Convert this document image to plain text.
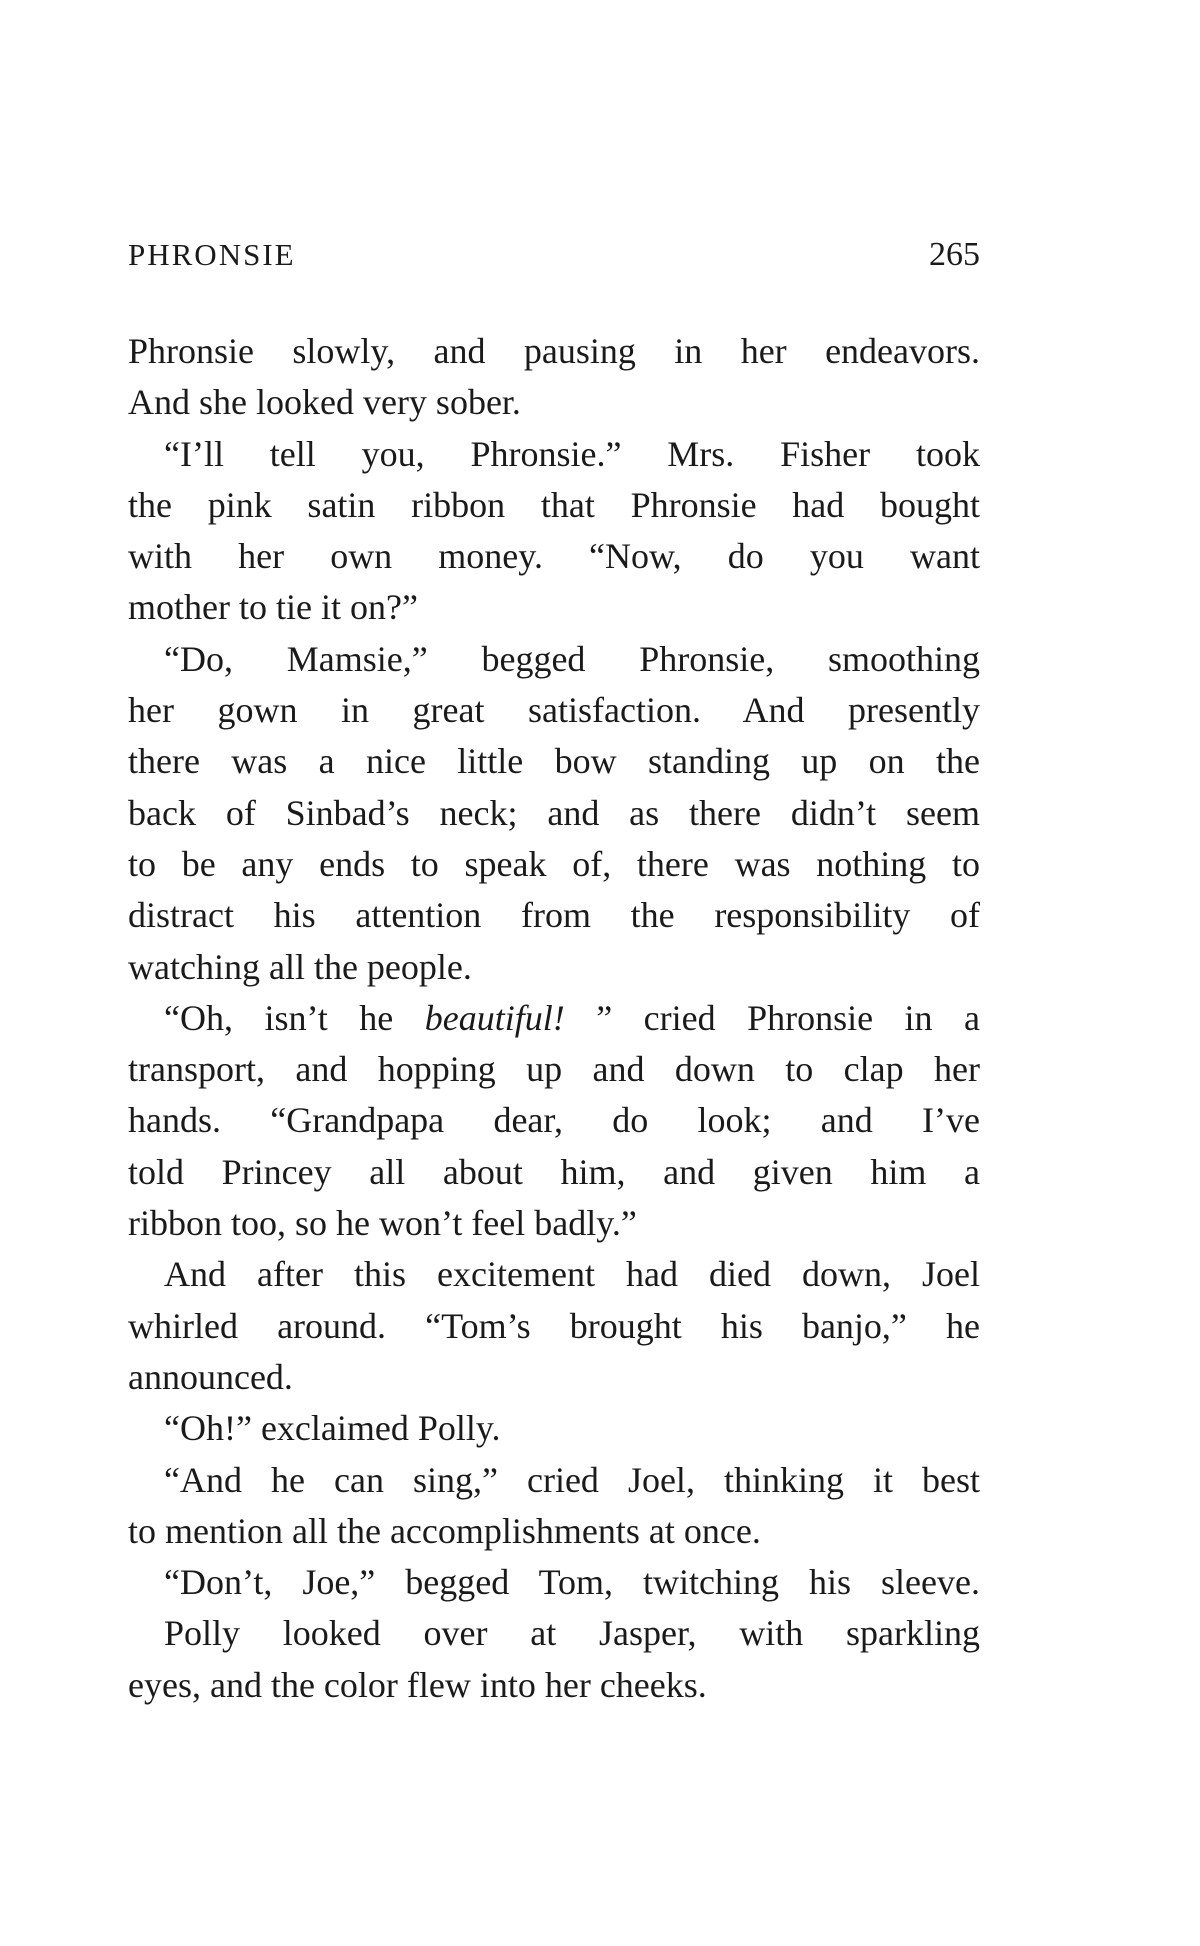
PHRONSIE	265
Phronsie slowly, and pausing in her endeavors.
And she looked very sober.
“I’ll tell you, Phronsie.” Mrs. Fisher took
the pink satin ribbon that Phronsie had bought
with her own money. “Now, do you want
mother to tie it on?”
“Do, Mamsie,” begged Phronsie, smoothing
her gown in great satisfaction. And presently
there was a nice little bow standing up on the
back of Sinbad’s neck; and as there didn’t seem
to be any ends to speak of, there was nothing to
distract his attention from the responsibility of
watching all the people.
“Oh, isn’t he beautiful! ” cried Phronsie in a
transport, and hopping up and down to clap her
hands. “Grandpapa dear, do look; and I’ve
told Princey all about him, and given him a
ribbon too, so he won’t feel badly.”
And after this excitement had died down, Joel
whirled around. “Tom’s brought his banjo,” he
announced.
“Oh!” exclaimed Polly.
“And he can sing,” cried Joel, thinking it best
to mention all the accomplishments at once.
“Don’t, Joe,” begged Tom, twitching his sleeve.
Polly looked over at Jasper, with sparkling
eyes, and the color flew into her cheeks.
